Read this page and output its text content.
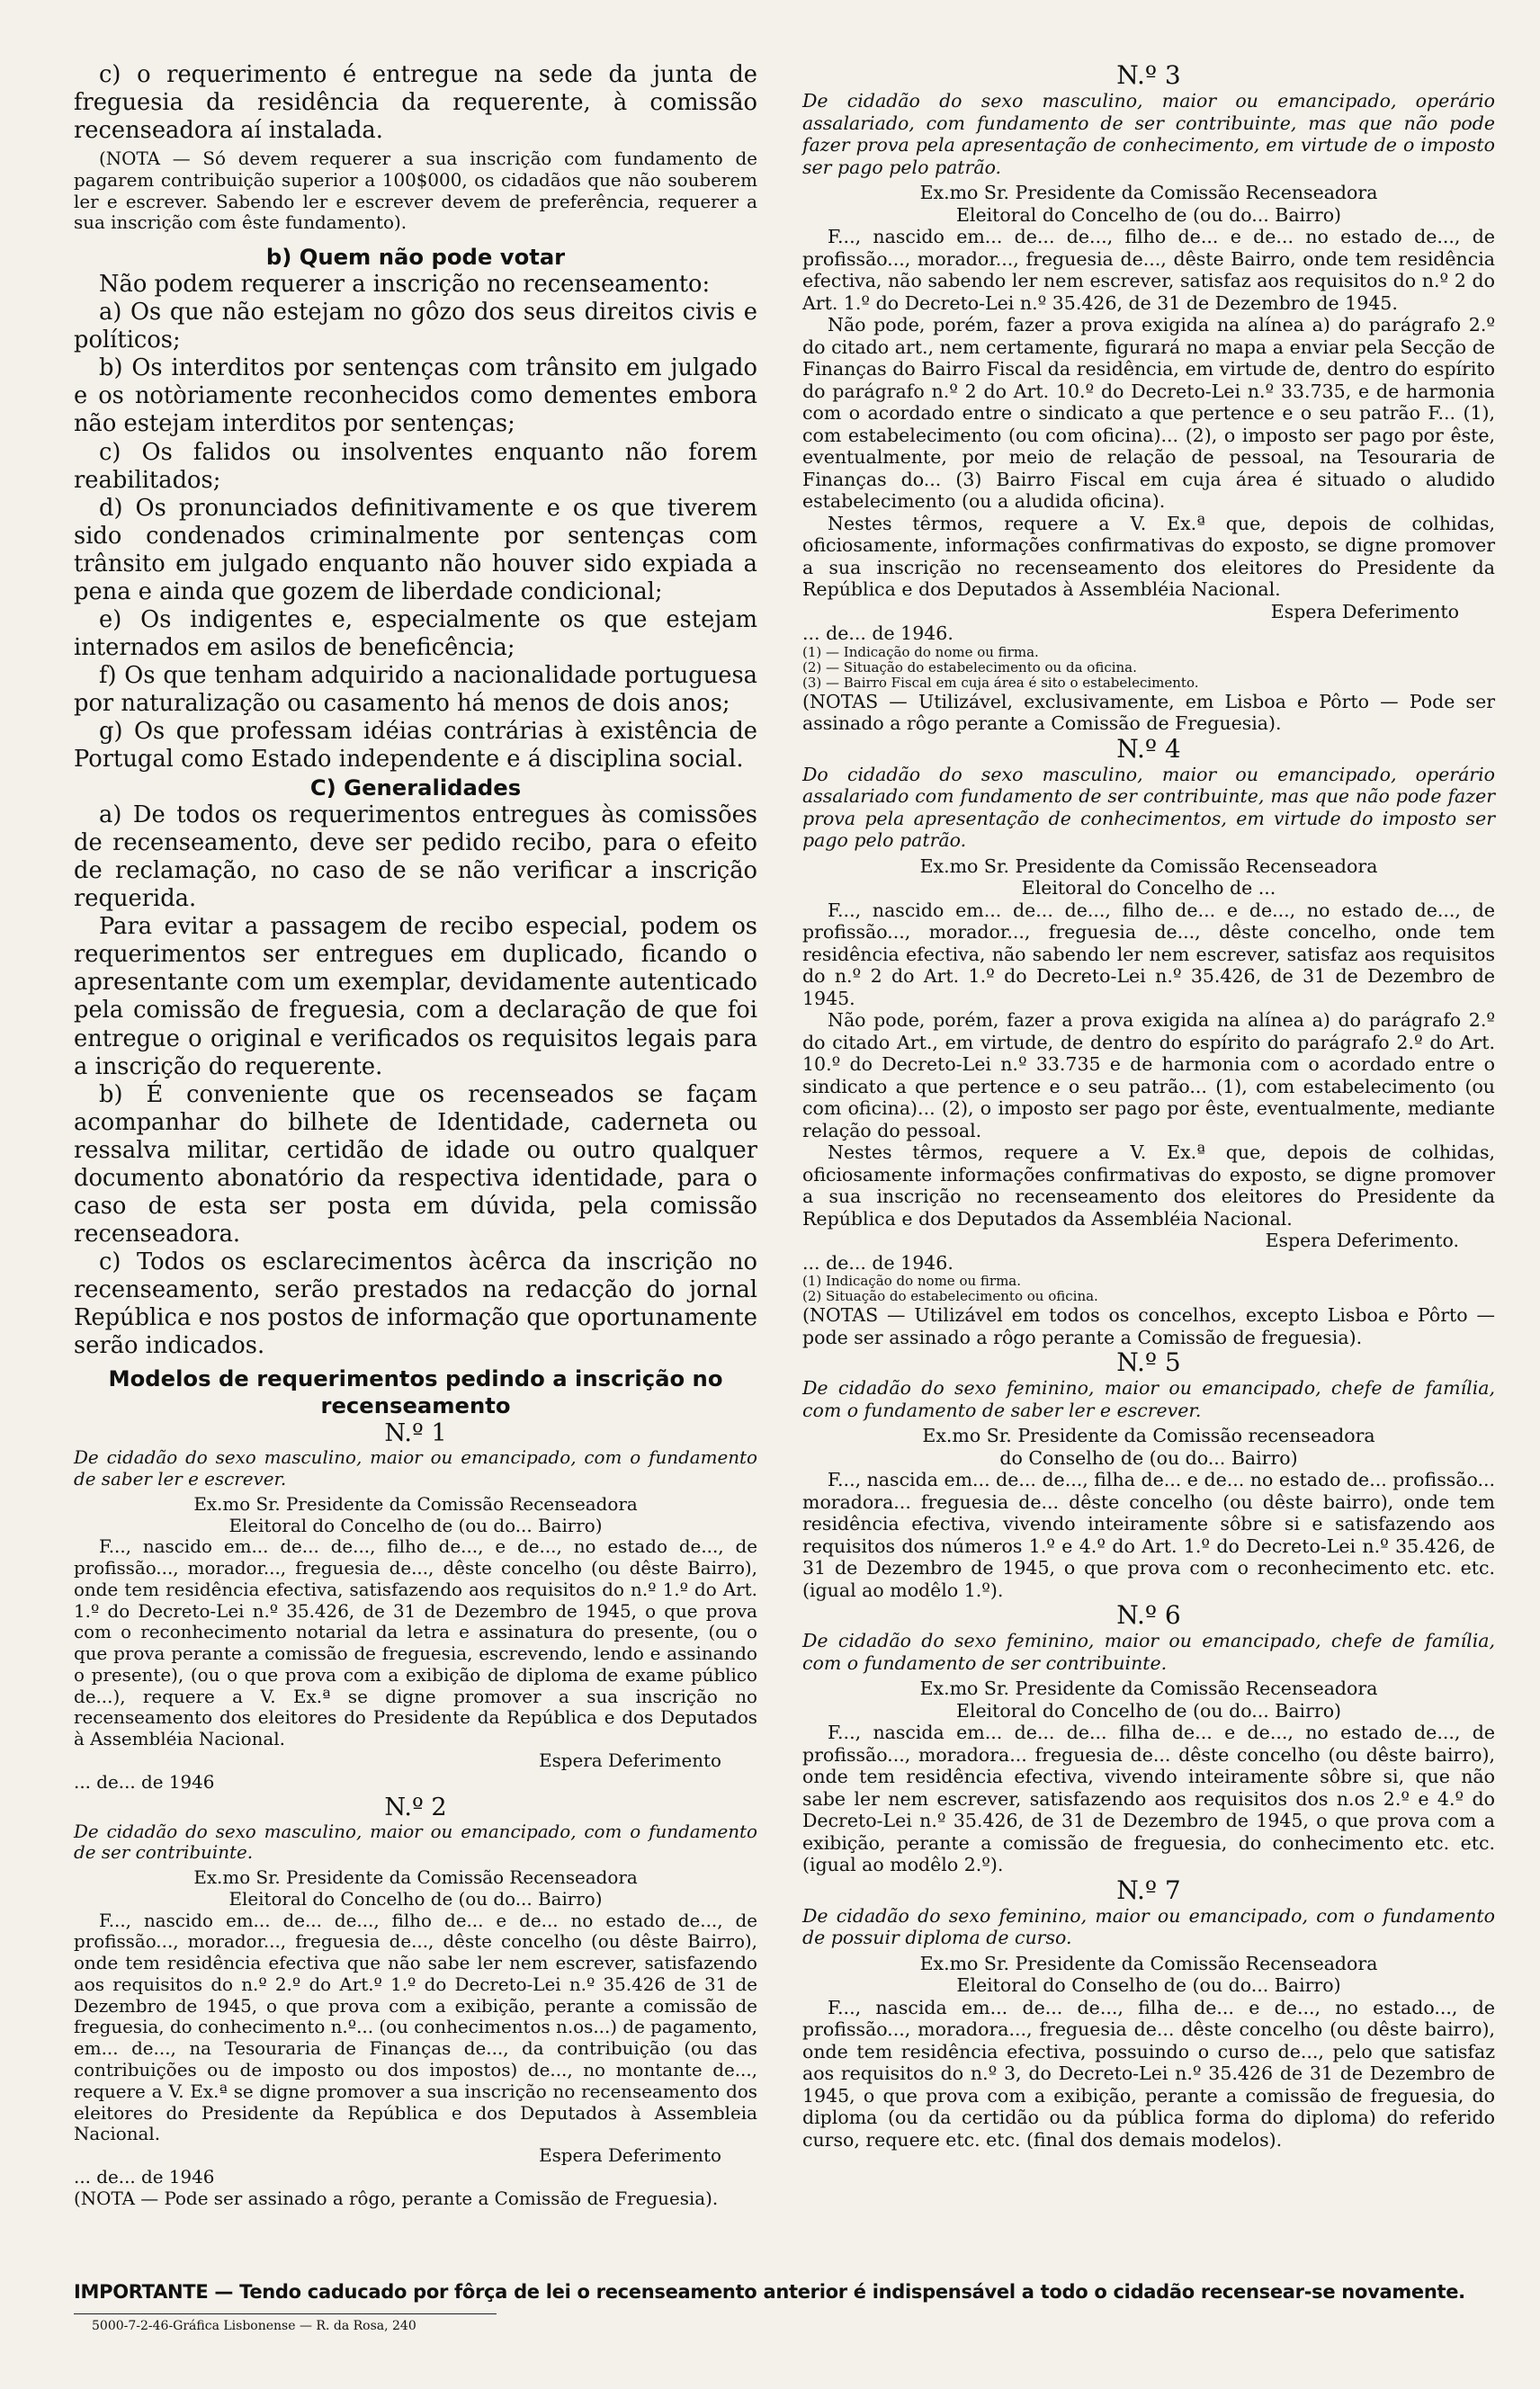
c) o requerimento é entregue na sede da junta de freguesia da residência da requerente, à comissão recenseadora aí instalada.

(NOTA — Só devem requerer a sua inscrição com fundamento de pagarem contribuição superior a 100$000, os cidadãos que não souberem ler e escrever. Sabendo ler e escrever devem de preferência, requerer a sua inscrição com êste fundamento).

b) Quem não pode votar

Não podem requerer a inscrição no recenseamento:

a) Os que não estejam no gôzo dos seus direitos civis e políticos;

b) Os interditos por sentenças com trânsito em julgado e os notòriamente reconhecidos como dementes embora não estejam interditos por sentenças;

c) Os falidos ou insolventes enquanto não forem reabilitados;

d) Os pronunciados definitivamente e os que tiverem sido condenados criminalmente por sentenças com trânsito em julgado enquanto não houver sido expiada a pena e ainda que gozem de liberdade condicional;

e) Os indigentes e, especialmente os que estejam internados em asilos de beneficência;

f) Os que tenham adquirido a nacionalidade portuguesa por naturalização ou casamento há menos de dois anos;

g) Os que professam idéias contrárias à existência de Portugal como Estado independente e á disciplina social.

C) Generalidades

a) De todos os requerimentos entregues às comissões de recenseamento, deve ser pedido recibo, para o efeito de reclamação, no caso de se não verificar a inscrição requerida.

Para evitar a passagem de recibo especial, podem os requerimentos ser entregues em duplicado, ficando o apresentante com um exemplar, devidamente autenticado pela comissão de freguesia, com a declaração de que foi entregue o original e verificados os requisitos legais para a inscrição do requerente.

b) É conveniente que os recenseados se façam acompanhar do bilhete de Identidade, caderneta ou ressalva militar, certidão de idade ou outro qualquer documento abonatório da respectiva identidade, para o caso de esta ser posta em dúvida, pela comissão recenseadora.

c) Todos os esclarecimentos àcêrca da inscrição no recenseamento, serão prestados na redacção do jornal República e nos postos de informação que oportunamente serão indicados.

Modelos de requerimentos pedindo a inscrição no recenseamento

N.º 1

De cidadão do sexo masculino, maior ou emancipado, com o fundamento de saber ler e escrever.

Ex.mo Sr. Presidente da Comissão Recenseadora

Eleitoral do Concelho de (ou do... Bairro)

F..., nascido em... de... de..., filho de..., e de..., no estado de..., de profissão..., morador..., freguesia de..., dêste concelho (ou dêste Bairro), onde tem residência efectiva, satisfazendo aos requisitos do n.º 1.º do Art. 1.º do Decreto-Lei n.º 35.426, de 31 de Dezembro de 1945, o que prova com o reconhecimento notarial da letra e assinatura do presente, (ou o que prova perante a comissão de freguesia, escrevendo, lendo e assinando o presente), (ou o que prova com a exibição de diploma de exame público de...), requere a V. Ex.ª se digne promover a sua inscrição no recenseamento dos eleitores do Presidente da República e dos Deputados à Assembléia Nacional.

Espera Deferimento

... de... de 1946

N.º 2

De cidadão do sexo masculino, maior ou emancipado, com o fundamento de ser contribuinte.

Ex.mo Sr. Presidente da Comissão Recenseadora

Eleitoral do Concelho de (ou do... Bairro)

F..., nascido em... de... de..., filho de... e de... no estado de..., de profissão..., morador..., freguesia de..., dêste concelho (ou dêste Bairro), onde tem residência efectiva que não sabe ler nem escrever, satisfazendo aos requisitos do n.º 2.º do Art.º 1.º do Decreto-Lei n.º 35.426 de 31 de Dezembro de 1945, o que prova com a exibição, perante a comissão de freguesia, do conhecimento n.º... (ou conhecimentos n.os...) de pagamento, em... de..., na Tesouraria de Finanças de..., da contribuição (ou das contribuições ou de imposto ou dos impostos) de..., no montante de..., requere a V. Ex.ª se digne promover a sua inscrição no recenseamento dos eleitores do Presidente da República e dos Deputados à Assembleia Nacional.

Espera Deferimento

... de... de 1946

(NOTA — Pode ser assinado a rôgo, perante a Comissão de Freguesia).

N.º 3

De cidadão do sexo masculino, maior ou emancipado, operário assalariado, com fundamento de ser contribuinte, mas que não pode fazer prova pela apresentação de conhecimento, em virtude de o imposto ser pago pelo patrão.

Ex.mo Sr. Presidente da Comissão Recenseadora

Eleitoral do Concelho de (ou do... Bairro)

F..., nascido em... de... de..., filho de... e de... no estado de..., de profissão..., morador..., freguesia de..., dêste Bairro, onde tem residência efectiva, não sabendo ler nem escrever, satisfaz aos requisitos do n.º 2 do Art. 1.º do Decreto-Lei n.º 35.426, de 31 de Dezembro de 1945.

Não pode, porém, fazer a prova exigida na alínea a) do parágrafo 2.º do citado art., nem certamente, figurará no mapa a enviar pela Secção de Finanças do Bairro Fiscal da residência, em virtude de, dentro do espírito do parágrafo n.º 2 do Art. 10.º do Decreto-Lei n.º 33.735, e de harmonia com o acordado entre o sindicato a que pertence e o seu patrão F... (1), com estabelecimento (ou com oficina)... (2), o imposto ser pago por êste, eventualmente, por meio de relação de pessoal, na Tesouraria de Finanças do... (3) Bairro Fiscal em cuja área é situado o aludido estabelecimento (ou a aludida oficina).

Nestes têrmos, requere a V. Ex.ª que, depois de colhidas, oficiosamente, informações confirmativas do exposto, se digne promover a sua inscrição no recenseamento dos eleitores do Presidente da República e dos Deputados à Assembléia Nacional.

Espera Deferimento

... de... de 1946.

(1) — Indicação do nome ou firma.

(2) — Situação do estabelecimento ou da oficina.

(3) — Bairro Fiscal em cuja área é sito o estabelecimento.

(NOTAS — Utilizável, exclusivamente, em Lisboa e Pôrto — Pode ser assinado a rôgo perante a Comissão de Freguesia).

N.º 4

Do cidadão do sexo masculino, maior ou emancipado, operário assalariado com fundamento de ser contribuinte, mas que não pode fazer prova pela apresentação de conhecimentos, em virtude do imposto ser pago pelo patrão.

Ex.mo Sr. Presidente da Comissão Recenseadora

Eleitoral do Concelho de ...

F..., nascido em... de... de..., filho de... e de..., no estado de..., de profissão..., morador..., freguesia de..., dêste concelho, onde tem residência efectiva, não sabendo ler nem escrever, satisfaz aos requisitos do n.º 2 do Art. 1.º do Decreto-Lei n.º 35.426, de 31 de Dezembro de 1945.

Não pode, porém, fazer a prova exigida na alínea a) do parágrafo 2.º do citado Art., em virtude, de dentro do espírito do parágrafo 2.º do Art. 10.º do Decreto-Lei n.º 33.735 e de harmonia com o acordado entre o sindicato a que pertence e o seu patrão... (1), com estabelecimento (ou com oficina)... (2), o imposto ser pago por êste, eventualmente, mediante relação do pessoal.

Nestes têrmos, requere a V. Ex.ª que, depois de colhidas, oficiosamente informações confirmativas do exposto, se digne promover a sua inscrição no recenseamento dos eleitores do Presidente da República e dos Deputados da Assembléia Nacional.

Espera Deferimento.

... de... de 1946.

(1) Indicação do nome ou firma.

(2) Situação do estabelecimento ou oficina.

(NOTAS — Utilizável em todos os concelhos, excepto Lisboa e Pôrto — pode ser assinado a rôgo perante a Comissão de freguesia).

N.º 5

De cidadão do sexo feminino, maior ou emancipado, chefe de família, com o fundamento de saber ler e escrever.

Ex.mo Sr. Presidente da Comissão recenseadora

do Conselho de (ou do... Bairro)

F..., nascida em... de... de..., filha de... e de... no estado de... profissão... moradora... freguesia de... dêste concelho (ou dêste bairro), onde tem residência efectiva, vivendo inteiramente sôbre si e satisfazendo aos requisitos dos números 1.º e 4.º do Art. 1.º do Decreto-Lei n.º 35.426, de 31 de Dezembro de 1945, o que prova com o reconhecimento etc. etc. (igual ao modêlo 1.º).

N.º 6

De cidadão do sexo feminino, maior ou emancipado, chefe de família, com o fundamento de ser contribuinte.

Ex.mo Sr. Presidente da Comissão Recenseadora

Eleitoral do Concelho de (ou do... Bairro)

F..., nascida em... de... de... filha de... e de..., no estado de..., de profissão..., moradora... freguesia de... dêste concelho (ou dêste bairro), onde tem residência efectiva, vivendo inteiramente sôbre si, que não sabe ler nem escrever, satisfazendo aos requisitos dos n.os 2.º e 4.º do Decreto-Lei n.º 35.426, de 31 de Dezembro de 1945, o que prova com a exibição, perante a comissão de freguesia, do conhecimento etc. etc. (igual ao modêlo 2.º).

N.º 7

De cidadão do sexo feminino, maior ou emancipado, com o fundamento de possuir diploma de curso.

Ex.mo Sr. Presidente da Comissão Recenseadora

Eleitoral do Conselho de (ou do... Bairro)

F..., nascida em... de... de..., filha de... e de..., no estado..., de profissão..., moradora..., freguesia de... dêste concelho (ou dêste bairro), onde tem residência efectiva, possuindo o curso de..., pelo que satisfaz aos requisitos do n.º 3, do Decreto-Lei n.º 35.426 de 31 de Dezembro de 1945, o que prova com a exibição, perante a comissão de freguesia, do diploma (ou da certidão ou da pública forma do diploma) do referido curso, requere etc. etc. (final dos demais modelos).

IMPORTANTE — Tendo caducado por fôrça de lei o recenseamento anterior é indispensável a todo o cidadão recensear-se novamente.

5000-7-2-46-Gráfica Lisbonense — R. da Rosa, 240
